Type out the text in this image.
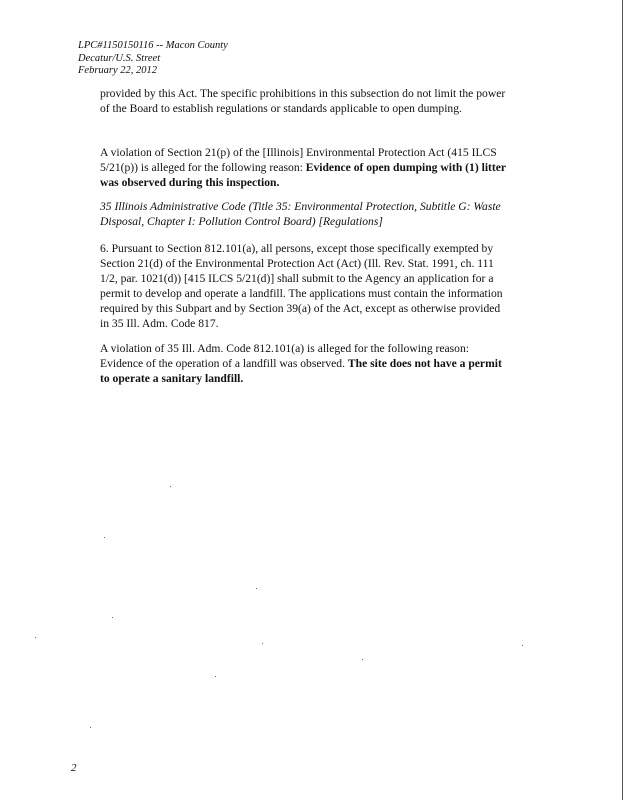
LPC#1150150116 -- Macon County
Decatur/U.S. Street
February 22, 2012

provided by this Act. The specific prohibitions in this subsection do not limit the power of the Board to establish regulations or standards applicable to open dumping.

A violation of Section 21(p) of the [Illinois] Environmental Protection Act (415 ILCS 5/21(p)) is alleged for the following reason: Evidence of open dumping with (1) litter was observed during this inspection.

35 Illinois Administrative Code (Title 35: Environmental Protection, Subtitle G: Waste Disposal, Chapter I: Pollution Control Board) [Regulations]

6. Pursuant to Section 812.101(a), all persons, except those specifically exempted by Section 21(d) of the Environmental Protection Act (Act) (Ill. Rev. Stat. 1991, ch. 111 1/2, par. 1021(d)) [415 ILCS 5/21(d)] shall submit to the Agency an application for a permit to develop and operate a landfill. The applications must contain the information required by this Subpart and by Section 39(a) of the Act, except as otherwise provided in 35 Ill. Adm. Code 817.

A violation of 35 Ill. Adm. Code 812.101(a) is alleged for the following reason: Evidence of the operation of a landfill was observed. The site does not have a permit to operate a sanitary landfill.

2
